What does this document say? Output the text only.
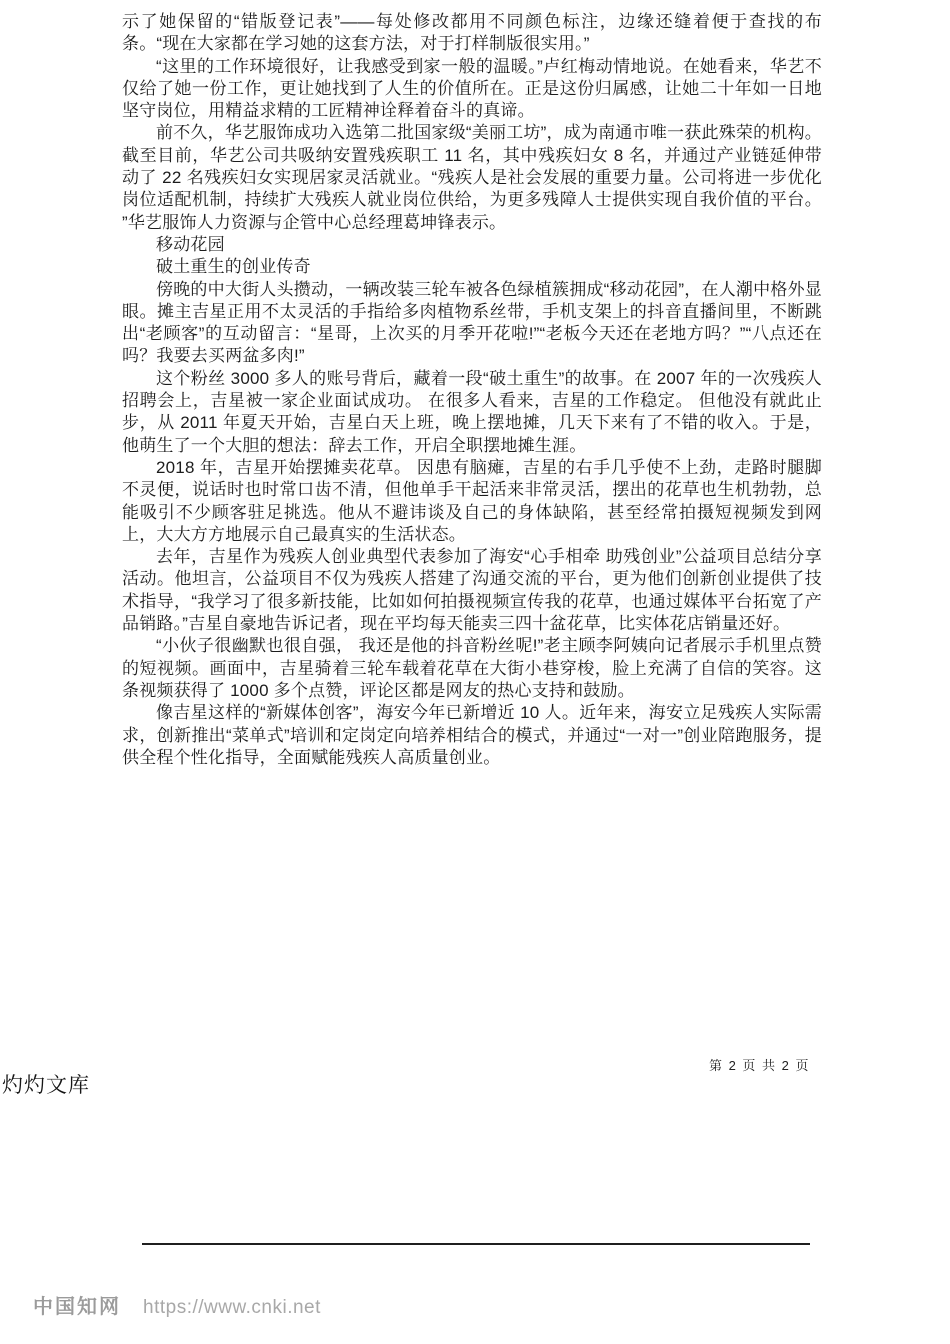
示了她保留的“错版登记表”——每处修改都用不同颜色标注，边缘还缝着便于查找的布条。“现在大家都在学习她的这套方法，对于打样制版很实用。”

“这里的工作环境很好，让我感受到家一般的温暖。”卢红梅动情地说。在她看来，华艺不仅给了她一份工作，更让她找到了人生的价值所在。正是这份归属感，让她二十年如一日地坚守岗位，用精益求精的工匠精神诠释着奋斗的真谛。

前不久，华艺服饰成功入选第二批国家级“美丽工坊”，成为南通市唯一获此殊荣的机构。截至目前，华艺公司共吸纳安置残疾职工 11 名，其中残疾妇女 8 名，并通过产业链延伸带动了 22 名残疾妇女实现居家灵活就业。“残疾人是社会发展的重要力量。公司将进一步优化岗位适配机制，持续扩大残疾人就业岗位供给，为更多残障人士提供实现自我价值的平台。 ”华艺服饰人力资源与企管中心总经理葛坤锋表示。

移动花园

破土重生的创业传奇

傍晚的中大街人头攒动，一辆改装三轮车被各色绿植簇拥成“移动花园”，在人潮中格外显眼。摊主吉星正用不太灵活的手指给多肉植物系丝带，手机支架上的抖音直播间里，不断跳出“老顾客”的互动留言：“星哥，上次买的月季开花啦!”“老板今天还在老地方吗？”“八点还在吗？我要去买两盆多肉!”

这个粉丝 3000 多人的账号背后，藏着一段“破土重生”的故事。在 2007 年的一次残疾人招聘会上，吉星被一家企业面试成功。 在很多人看来，吉星的工作稳定。 但他没有就此止步，从 2011 年夏天开始，吉星白天上班，晚上摆地摊，几天下来有了不错的收入。于是，他萌生了一个大胆的想法：辞去工作，开启全职摆地摊生涯。

2018 年，吉星开始摆摊卖花草。 因患有脑瘫，吉星的右手几乎使不上劲，走路时腿脚不灵便，说话时也时常口齿不清，但他单手干起活来非常灵活，摆出的花草也生机勃勃，总能吸引不少顾客驻足挑选。他从不避讳谈及自己的身体缺陷，甚至经常拍摄短视频发到网上，大大方方地展示自己最真实的生活状态。

去年，吉星作为残疾人创业典型代表参加了海安“心手相牵 助残创业”公益项目总结分享活动。他坦言，公益项目不仅为残疾人搭建了沟通交流的平台，更为他们创新创业提供了技术指导，“我学习了很多新技能，比如如何拍摄视频宣传我的花草，也通过媒体平台拓宽了产品销路。”吉星自豪地告诉记者，现在平均每天能卖三四十盆花草，比实体花店销量还好。

“小伙子很幽默也很自强， 我还是他的抖音粉丝呢!”老主顾李阿姨向记者展示手机里点赞的短视频。画面中，吉星骑着三轮车载着花草在大街小巷穿梭，脸上充满了自信的笑容。这条视频获得了 1000 多个点赞，评论区都是网友的热心支持和鼓励。

像吉星这样的“新媒体创客”，海安今年已新增近 10 人。近年来，海安立足残疾人实际需求，创新推出“菜单式”培训和定岗定向培养相结合的模式，并通过“一对一”创业陪跑服务，提供全程个性化指导，全面赋能残疾人高质量创业。

第 2 页 共 2 页
灼灼文库
中国知网 https://www.cnki.net
